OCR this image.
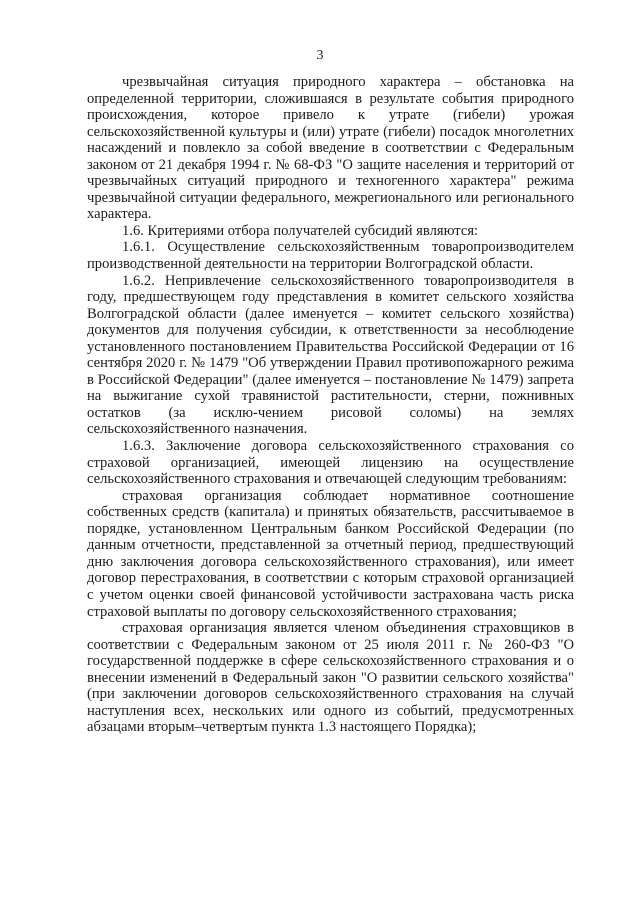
3

чрезвычайная ситуация природного характера – обстановка на определенной территории, сложившаяся в результате события природного происхождения, которое привело к утрате (гибели) урожая сельскохозяйственной культуры и (или) утрате (гибели) посадок многолетних насаждений и повлекло за собой введение в соответствии с Федеральным законом от 21 декабря 1994 г. № 68-ФЗ "О защите населения и территорий от чрезвычайных ситуаций природного и техногенного характера" режима чрезвычайной ситуации федерального, межрегионального или регионального характера.

1.6. Критериями отбора получателей субсидий являются:

1.6.1. Осуществление сельскохозяйственным товаропроизводителем производственной деятельности на территории Волгоградской области.

1.6.2. Непривлечение сельскохозяйственного товаропроизводителя в году, предшествующем году представления в комитет сельского хозяйства Волгоградской области (далее именуется – комитет сельского хозяйства) документов для получения субсидии, к ответственности за несоблюдение установленного постановлением Правительства Российской Федерации от 16 сентября 2020 г. № 1479 "Об утверждении Правил противопожарного режима в Российской Федерации" (далее именуется – постановление № 1479) запрета на выжигание сухой травянистой растительности, стерни, пожнивных остатков (за исклю-чением рисовой соломы) на землях сельскохозяйственного назначения.

1.6.3. Заключение договора сельскохозяйственного страхования со страховой организацией, имеющей лицензию на осуществление сельскохозяйственного страхования и отвечающей следующим требованиям:

страховая организация соблюдает нормативное соотношение собственных средств (капитала) и принятых обязательств, рассчитываемое в порядке, установленном Центральным банком Российской Федерации (по данным отчетности, представленной за отчетный период, предшествующий дню заключения договора сельскохозяйственного страхования), или имеет договор перестрахования, в соответствии с которым страховой организацией с учетом оценки своей финансовой устойчивости застрахована часть риска страховой выплаты по договору сельскохозяйственного страхования;

страховая организация является членом объединения страховщиков в соответствии с Федеральным законом от 25 июля 2011 г. № 260-ФЗ "О государственной поддержке в сфере сельскохозяйственного страхования и о внесении изменений в Федеральный закон "О развитии сельского хозяйства" (при заключении договоров сельскохозяйственного страхования на случай наступления всех, нескольких или одного из событий, предусмотренных абзацами вторым–четвертым пункта 1.3 настоящего Порядка);
